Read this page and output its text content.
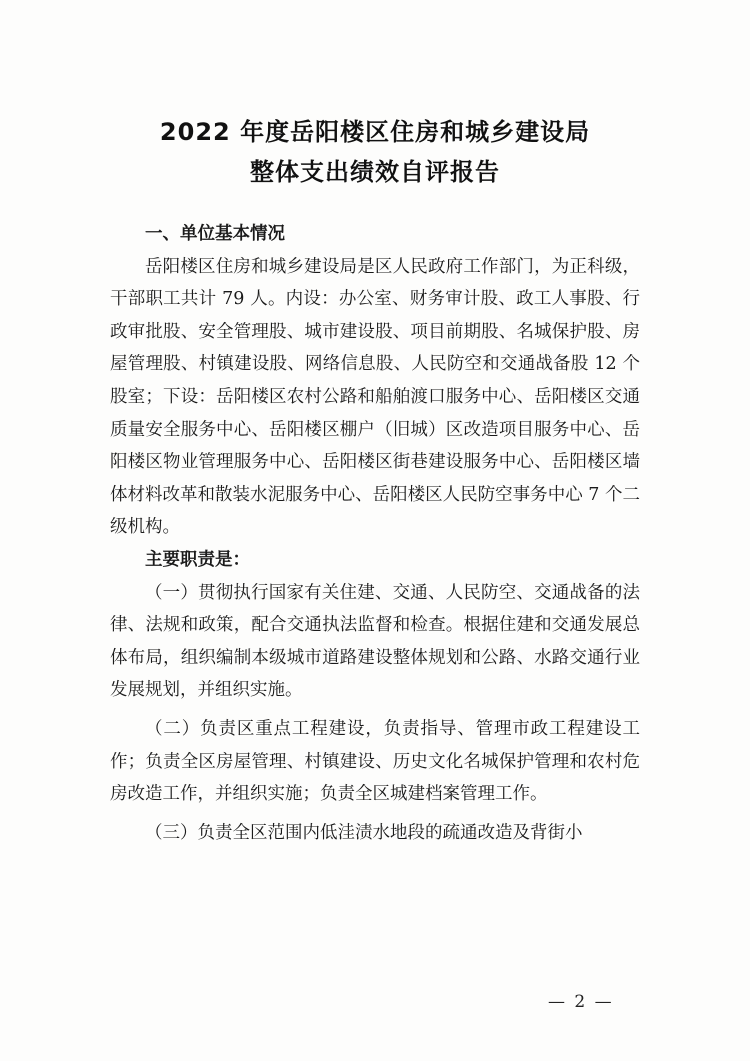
2022 年度岳阳楼区住房和城乡建设局
整体支出绩效自评报告

一、单位基本情况

岳阳楼区住房和城乡建设局是区人民政府工作部门，为正科级，干部职工共计 79 人。内设：办公室、财务审计股、政工人事股、行政审批股、安全管理股、城市建设股、项目前期股、名城保护股、房屋管理股、村镇建设股、网络信息股、人民防空和交通战备股 12 个股室；下设：岳阳楼区农村公路和船舶渡口服务中心、岳阳楼区交通质量安全服务中心、岳阳楼区棚户（旧城）区改造项目服务中心、岳阳楼区物业管理服务中心、岳阳楼区街巷建设服务中心、岳阳楼区墙体材料改革和散装水泥服务中心、岳阳楼区人民防空事务中心 7 个二级机构。

主要职责是：

（一）贯彻执行国家有关住建、交通、人民防空、交通战备的法律、法规和政策，配合交通执法监督和检查。根据住建和交通发展总体布局，组织编制本级城市道路建设整体规划和公路、水路交通行业发展规划，并组织实施。

（二）负责区重点工程建设，负责指导、管理市政工程建设工作；负责全区房屋管理、村镇建设、历史文化名城保护管理和农村危房改造工作，并组织实施；负责全区城建档案管理工作。

（三）负责全区范围内低洼渍水地段的疏通改造及背街小

— 2 —
